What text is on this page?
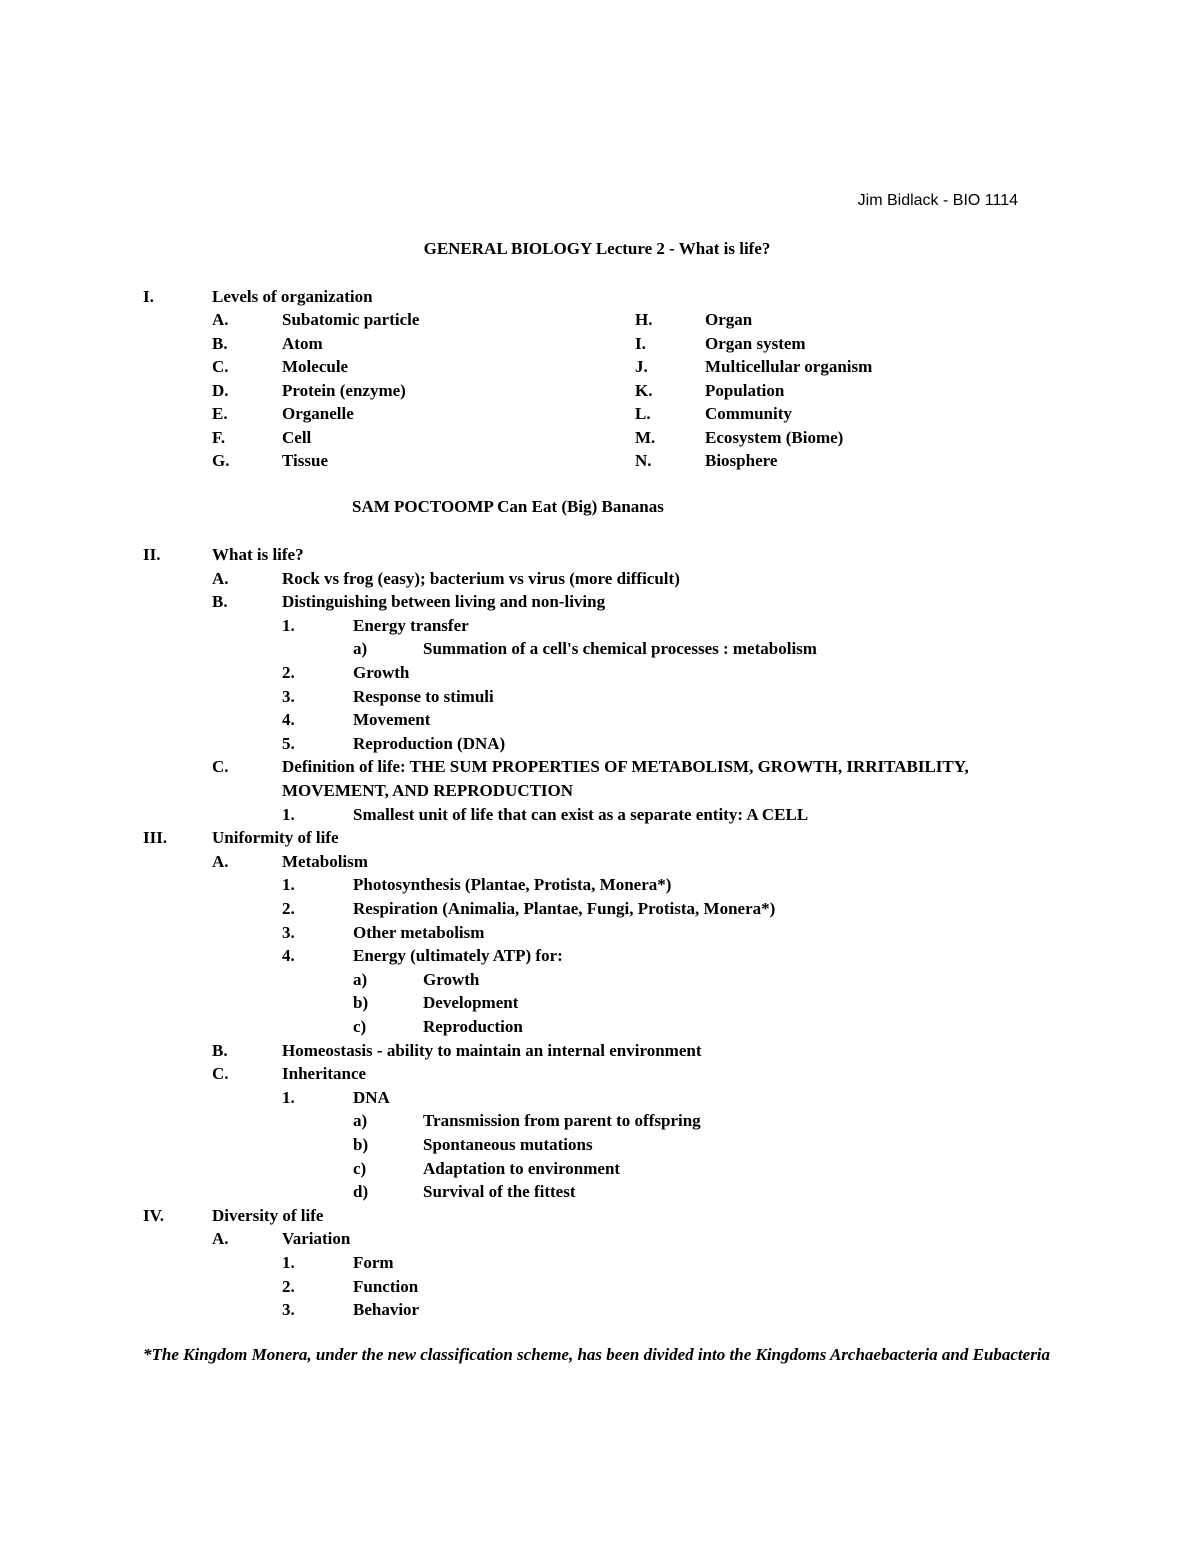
Jim Bidlack - BIO 1114
GENERAL BIOLOGY Lecture 2 - What is life?
I.	Levels of organization
A.	Subatomic particle
B.	Atom
C.	Molecule
D.	Protein (enzyme)
E.	Organelle
F.	Cell
G.	Tissue
H.	Organ
I.	Organ system
J.	Multicellular organism
K.	Population
L.	Community
M.	Ecosystem (Biome)
N.	Biosphere
SAM POCTOOMP Can Eat (Big) Bananas
II.	What is life?
A.	Rock vs frog (easy); bacterium vs virus (more difficult)
B.	Distinguishing between living and non-living
1.	Energy transfer
a)	Summation of a cell's chemical processes : metabolism
2.	Growth
3.	Response to stimuli
4.	Movement
5.	Reproduction (DNA)
C.	Definition of life: THE SUM PROPERTIES OF METABOLISM, GROWTH, IRRITABILITY,
MOVEMENT, AND REPRODUCTION
1.	Smallest unit of life that can exist as a separate entity: A CELL
III.	Uniformity of life
A.	Metabolism
1.	Photosynthesis (Plantae, Protista, Monera*)
2.	Respiration (Animalia, Plantae, Fungi, Protista, Monera*)
3.	Other metabolism
4.	Energy (ultimately ATP) for:
a)	Growth
b)	Development
c)	Reproduction
B.	Homeostasis - ability to maintain an internal environment
C.	Inheritance
1.	DNA
a)	Transmission from parent to offspring
b)	Spontaneous mutations
c)	Adaptation to environment
d)	Survival of the fittest
IV.	Diversity of life
A.	Variation
1.	Form
2.	Function
3.	Behavior
*The Kingdom Monera, under the new classification scheme, has been divided into the Kingdoms Archaebacteria and Eubacteria
